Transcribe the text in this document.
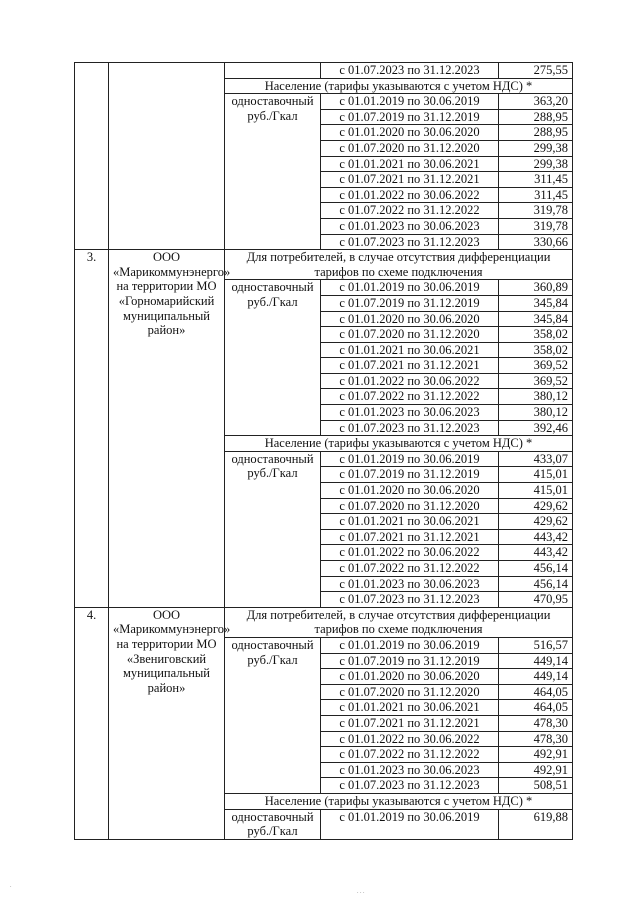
			с 01.07.2023 по 31.12.2023	275,55
		Население (тарифы указываются с учетом НДС) *		

		одноставочный
руб./Гкал	с 01.01.2019 по 30.06.2019	363,20
			с 01.07.2019 по 31.12.2019	288,95
			с 01.01.2020 по 30.06.2020	288,95
			с 01.07.2020 по 31.12.2020	299,38
			с 01.01.2021 по 30.06.2021	299,38
			с 01.07.2021 по 31.12.2021	311,45
			с 01.01.2022 по 30.06.2022	311,45
			с 01.07.2022 по 31.12.2022	319,78
			с 01.01.2023 по 30.06.2023	319,78
			с 01.07.2023 по 31.12.2023	330,66
3.	ООО «Марикоммунэнерго» на территории МО «Горномарийский муниципальный район»	Для потребителей, в случае отсутствия дифференциации тарифов по схеме подключения		

		одноставочный
руб./Гкал	с 01.01.2019 по 30.06.2019	360,89
			с 01.07.2019 по 31.12.2019	345,84
			с 01.01.2020 по 30.06.2020	345,84
			с 01.07.2020 по 31.12.2020	358,02
			с 01.01.2021 по 30.06.2021	358,02
			с 01.07.2021 по 31.12.2021	369,52
			с 01.01.2022 по 30.06.2022	369,52
			с 01.07.2022 по 31.12.2022	380,12
			с 01.01.2023 по 30.06.2023	380,12
			с 01.07.2023 по 31.12.2023	392,46
		Население (тарифы указываются с учетом НДС) *		

		одноставочный
руб./Гкал	с 01.01.2019 по 30.06.2019	433,07
			с 01.07.2019 по 31.12.2019	415,01
			с 01.01.2020 по 30.06.2020	415,01
			с 01.07.2020 по 31.12.2020	429,62
			с 01.01.2021 по 30.06.2021	429,62
			с 01.07.2021 по 31.12.2021	443,42
			с 01.01.2022 по 30.06.2022	443,42
			с 01.07.2022 по 31.12.2022	456,14
			с 01.01.2023 по 30.06.2023	456,14
			с 01.07.2023 по 31.12.2023	470,95
4.	ООО «Марикоммунэнерго» на территории МО «Звениговский муниципальный район»	Для потребителей, в случае отсутствия дифференциации тарифов по схеме подключения		

		одноставочный
руб./Гкал	с 01.01.2019 по 30.06.2019	516,57
			с 01.07.2019 по 31.12.2019	449,14
			с 01.01.2020 по 30.06.2020	449,14
			с 01.07.2020 по 31.12.2020	464,05
			с 01.01.2021 по 30.06.2021	464,05
			с 01.07.2021 по 31.12.2021	478,30
			с 01.01.2022 по 30.06.2022	478,30
			с 01.07.2022 по 31.12.2022	492,91
			с 01.01.2023 по 30.06.2023	492,91
			с 01.07.2023 по 31.12.2023	508,51
		Население (тарифы указываются с учетом НДС) *		

		одноставочный
руб./Гкал	с 01.01.2019 по 30.06.2019	619,88
.
. . .
